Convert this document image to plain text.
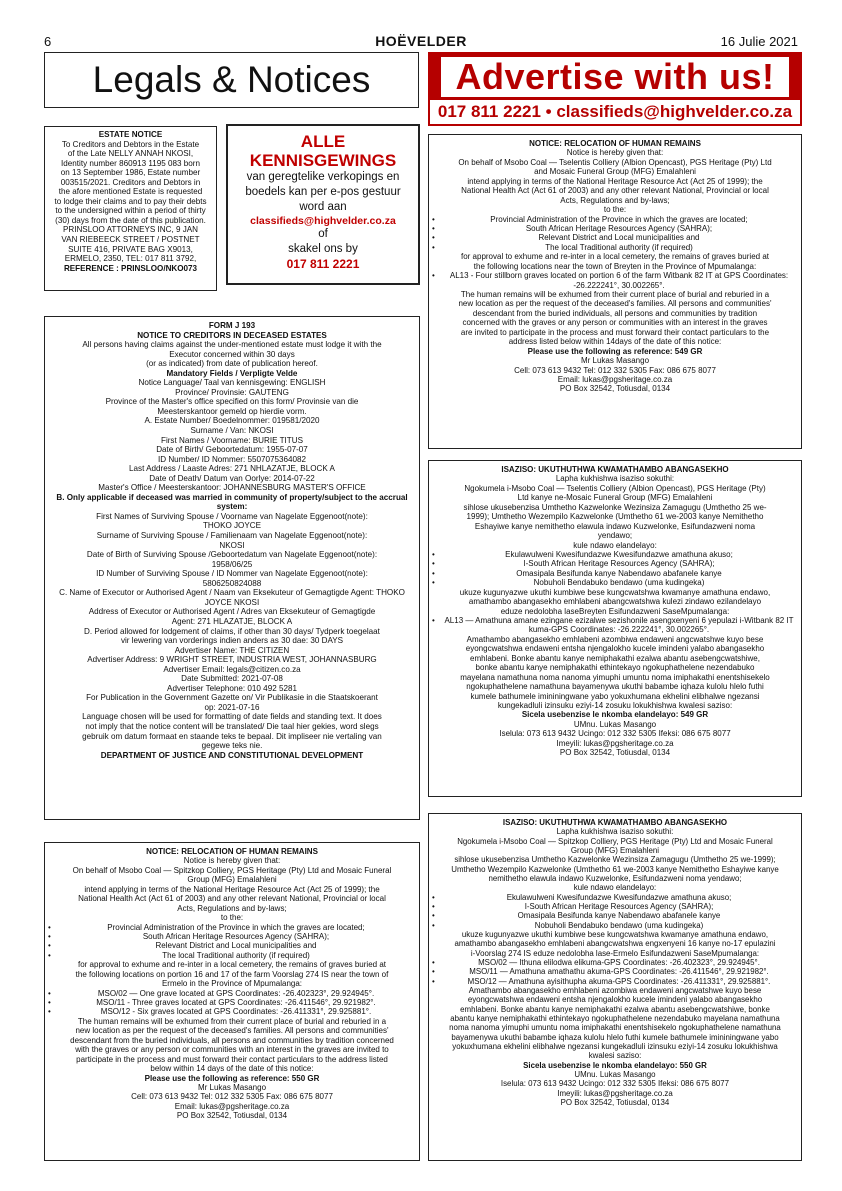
6	HOËVELDER	16 Julie 2021
Legals & Notices	Advertise with us!
017 811 2221 • classifieds@highvelder.co.za

ESTATE NOTICE

To Creditors and Debtors in the Estate

of the Late NELLY ANNAH NKOSI,

Identity number 860913 1195 083 born

on 13 September 1986, Estate number

003515/2021. Creditors and Debtors in

the afore mentioned Estate is requested

to lodge their claims and to pay their debts

to the undersigned within a period of thirty

(30) days from the date of this publication.

PRINSLOO ATTORNEYS INC, 9 JAN

VAN RIEBEECK STREET / POSTNET

SUITE 416, PRIVATE BAG X9013,

ERMELO, 2350, TEL: 017 811 3792,

REFERENCE : PRINSLOO/NKO073

ALLE
KENNISGEWINGS
van geregtelike verkopings en
boedels kan per e-pos gestuur
word aan
classifieds@highvelder.co.za
of
skakel ons by
017 811 2221

FORM J 193

NOTICE TO CREDITORS IN DECEASED ESTATES

All persons having claims against the under-mentioned estate must lodge it with the

Executor concerned within 30 days

(or as indicated) from date of publication hereof.

Mandatory Fields / Verpligte Velde

Notice Language/ Taal van kennisgewing: ENGLISH

Province/ Provinsie: GAUTENG

Province of the Master's office specified on this form/ Provinsie van die

Meesterskantoor gemeld op hierdie vorm.

A. Estate Number/ Boedelnommer: 019581/2020

Surname / Van: NKOSI

First Names / Voorname: BURIE TITUS

Date of Birth/ Geboortedatum: 1955-07-07

ID Number/ ID Nommer: 5507075364082

Last Address / Laaste Adres: 271 NHLAZATJE, BLOCK A

Date of Death/ Datum van Oorlye: 2014-07-22

Master's Office / Meesterskantoor: JOHANNESBURG MASTER'S OFFICE

B. Only applicable if deceased was married in community of property/subject to the accrual system:

First Names of Surviving Spouse / Voorname van Nagelate Eggenoot(note):

THOKO JOYCE

Surname of Surviving Spouse / Familienaam van Nagelate Eggenoot(note):

NKOSI

Date of Birth of Surviving Spouse /Geboortedatum van Nagelate Eggenoot(note):

1958/06/25

ID Number of Surviving Spouse / ID Nommer van Nagelate Eggenoot(note):

5806250824088

C. Name of Executor or Authorised Agent / Naam van Eksekuteur of Gemagtigde Agent: THOKO JOYCE NKOSI

Address of Executor or Authorised Agent / Adres van Eksekuteur of Gemagtigde

Agent: 271 HLAZATJE, BLOCK A

D. Period allowed for lodgement of claims, if other than 30 days/ Tydperk toegelaat

vir lewering van vorderings indien anders as 30 dae: 30 DAYS

Advertiser Name: THE CITIZEN

Advertiser Address: 9 WRIGHT STREET, INDUSTRIA WEST, JOHANNASBURG

Advertiser Email: legals@citizen.co.za

Date Submitted: 2021-07-08

Advertiser Telephone: 010 492 5281

For Publication in the Government Gazette on/ Vir Publikasie in die Staatskoerant

op: 2021-07-16

Language chosen will be used for formatting of date fields and standing text. It does

not imply that the notice content will be translated/ Die taal hier gekies, word slegs

gebruik om datum formaat en staande teks te bepaal. Dit impliseer nie vertaling van

gegewe teks nie.

DEPARTMENT OF JUSTICE AND CONSTITUTIONAL DEVELOPMENT

NOTICE: RELOCATION OF HUMAN REMAINS

Notice is hereby given that:

On behalf of Msobo Coal — Spitzkop Colliery, PGS Heritage (Pty) Ltd and Mosaic Funeral

Group (MFG) Emalahleni

intend applying in terms of the National Heritage Resource Act (Act 25 of 1999); the

National Health Act (Act 61 of 2003) and any other relevant National, Provincial or local

Acts, Regulations and by-laws;

to the:

• Provincial Administration of the Province in which the graves are located;

• South African Heritage Resources Agency (SAHRA);

• Relevant District and Local municipalities and

• The local Traditional authority (if required)

for approval to exhume and re-inter in a local cemetery, the remains of graves buried at

the following locations on portion 16 and 17 of the farm Voorslag 274 IS near the town of

Ermelo in the Province of Mpumalanga:

• MSO/02 — One grave located at GPS Coordinates: -26.402323°, 29.924945°.

• MSO/11 - Three graves located at GPS Coordinates: -26.411546°, 29.921982°.

• MSO/12 - Six graves located at GPS Coordinates: -26.411331°, 29.925881°.

The human remains will be exhumed from their current place of burial and reburied in a

new location as per the request of the deceased's families. All persons and communities'

descendant from the buried individuals, all persons and communities by tradition concerned

with the graves or any person or communities with an interest in the graves are invited to

participate in the process and must forward their contact particulars to the address listed

below within 14 days of the date of this notice:

Please use the following as reference: 550 GR

Mr Lukas Masango

Cell: 073 613 9432 Tel: 012 332 5305 Fax: 086 675 8077

Email: lukas@pgsheritage.co.za

PO Box 32542, Totiusdal, 0134

NOTICE: RELOCATION OF HUMAN REMAINS

Notice is hereby given that:

On behalf of Msobo Coal — Tselentis Colliery (Albion Opencast), PGS Heritage (Pty) Ltd

and Mosaic Funeral Group (MFG) Emalahleni

intend applying in terms of the National Heritage Resource Act (Act 25 of 1999); the

National Health Act (Act 61 of 2003) and any other relevant National, Provincial or local

Acts, Regulations and by-laws;

to the:

• Provincial Administration of the Province in which the graves are located;

• South African Heritage Resources Agency (SAHRA);

• Relevant District and Local municipalities and

• The local Traditional authority (if required)

for approval to exhume and re-inter in a local cemetery, the remains of graves buried at

the following locations near the town of Breyten in the Province of Mpumalanga:

• AL13 - Four stillborn graves located on portion 6 of the farm Witbank 82 IT at GPS Coordinates: -26.222241°, 30.002265°.

The human remains will be exhumed from their current place of burial and reburied in a

new location as per the request of the deceased's families. All persons and communities'

descendant from the buried individuals, all persons and communities by tradition

concerned with the graves or any person or communities with an interest in the graves

are invited to participate in the process and must forward their contact particulars to the

address listed below within 14days of the date of this notice:

Please use the following as reference: 549 GR

Mr Lukas Masango

Cell: 073 613 9432 Tel: 012 332 5305 Fax: 086 675 8077

Email: lukas@pgsheritage.co.za

PO Box 32542, Totiusdal, 0134

ISAZISO: UKUTHUTHWA KWAMATHAMBO ABANGASEKHO

Lapha kukhishwa isaziso sokuthi:

Ngokumela i-Msobo Coal — Tselentis Colliery (Albion Opencast), PGS Heritage (Pty)

Ltd kanye ne-Mosaic Funeral Group (MFG) Emalahleni

sihlose ukusebenzisa Umthetho Kazwelonke Wezinsiza Zamagugu (Umthetho 25 we-

1999); Umthetho Wezempilo Kazwelonke (Umthetho 61 we-2003 kanye Nemithetho

Eshayiwe kanye nemithetho elawula indawo Kuzwelonke, Esifundazweni noma

yendawo;

kule ndawo elandelayo:

• Ekulawulweni Kwesifundazwe Kwesifundazwe amathuna akuso;

• I-South African Heritage Resources Agency (SAHRA);

• Omasipala Besifunda kanye Nabendawo abafanele kanye

• Nobuholi Bendabuko bendawo (uma kudingeka)

ukuze kugunyazwe ukuthi kumbiwe bese kungcwatshwa kwamanye amathuna endawo,

amathambo abangasekho emhlabeni abangcwatshwa kulezi zindawo ezilandelayo

eduze nedolobha laseBreyten Esifundazweni SaseMpumalanga:

• AL13 — Amathuna amane ezingane ezizalwe sezishonile asengxenyeni 6 yepulazi i-Witbank 82 IT kuma-GPS Coordinates: -26.222241°, 30.002265°.

Amathambo abangasekho emhlabeni azombiwa endaweni angcwatshwe kuyo bese

eyongcwatshwa endaweni entsha njengalokho kucele imindeni yalabo abangasekho

emhlabeni. Bonke abantu kanye nemiphakathi ezalwa abantu asebengcwatshiwe,

bonke abantu kanye nemiphakathi ethintekayo ngokuphathelene nezendabuko

mayelana namathuna noma nanoma yimuphi umuntu noma imiphakathi enentshisekelo

ngokuphathelene namathuna bayamenywa ukuthi babambe iqhaza kulolu hlelo futhi

kumele bathumele imininingwane yabo yokuxhumana ekhelini elibhalwe ngezansi

kungekadluli izinsuku eziyi-14 zosuku lokukhishwa kwalesi saziso:

Sicela usebenzise le nkomba elandelayo: 549 GR

UMnu. Lukas Masango

Iselula: 073 613 9432 Ucingo: 012 332 5305 Ifeksi: 086 675 8077

Imeyili: lukas@pgsheritage.co.za

PO Box 32542, Totiusdal, 0134

ISAZISO: UKUTHUTHWA KWAMATHAMBO ABANGASEKHO

Lapha kukhishwa isaziso sokuthi:

Ngokumela i-Msobo Coal — Spitzkop Colliery, PGS Heritage (Pty) Ltd and Mosaic Funeral

Group (MFG) Emalahleni

sihlose ukusebenzisa Umthetho Kazwelonke Wezinsiza Zamagugu (Umthetho 25 we-1999);

Umthetho Wezempilo Kazwelonke (Umthetho 61 we-2003 kanye Nemithetho Eshayiwe kanye

nemithetho elawula indawo Kuzwelonke, Esifundazweni noma yendawo;

kule ndawo elandelayo:

• Ekulawulweni Kwesifundazwe Kwesifundazwe amathuna akuso;

• I-South African Heritage Resources Agency (SAHRA);

• Omasipala Besifunda kanye Nabendawo abafanele kanye

• Nobuholi Bendabuko bendawo (uma kudingeka)

ukuze kugunyazwe ukuthi kumbiwe bese kungcwatshwa kwamanye amathuna endawo,

amathambo abangasekho emhlabeni abangcwatshwa engxenyeni 16 kanye no-17 epulazini

i-Voorslag 274 IS eduze nedolobha lase-Ermelo Esifundazweni SaseMpumalanga:

• MSO/02 — Ithuna elilodwa elikuma-GPS Coordinates: -26.402323°, 29.924945°.

• MSO/11 — Amathuna amathathu akuma-GPS Coordinates: -26.411546°, 29.921982°.

• MSO/12 — Amathuna ayisithupha akuma-GPS Coordinates: -26.411331°, 29.925881°.

Amathambo abangasekho emhlabeni azombiwa endaweni angcwatshwe kuyo bese

eyongcwatshwa endaweni entsha njengalokho kucele imindeni yalabo abangasekho

emhlabeni. Bonke abantu kanye nemiphakathi ezalwa abantu asebengcwatshiwe, bonke

abantu kanye nemiphakathi ethintekayo ngokuphathelene nezendabuko mayelana namathuna

noma nanoma yimuphi umuntu noma imiphakathi enentshisekelo ngokuphathelene namathuna

bayamenywa ukuthi babambe iqhaza kulolu hlelo futhi kumele bathumele imininingwane yabo

yokuxhumana ekhelini elibhalwe ngezansi kungekadluli izinsuku eziyi-14 zosuku lokukhishwa

kwalesi saziso:

Sicela usebenzise le nkomba elandelayo: 550 GR

UMnu. Lukas Masango

Iselula: 073 613 9432 Ucingo: 012 332 5305 Ifeksi: 086 675 8077

Imeyili: lukas@pgsheritage.co.za

PO Box 32542, Totiusdal, 0134
